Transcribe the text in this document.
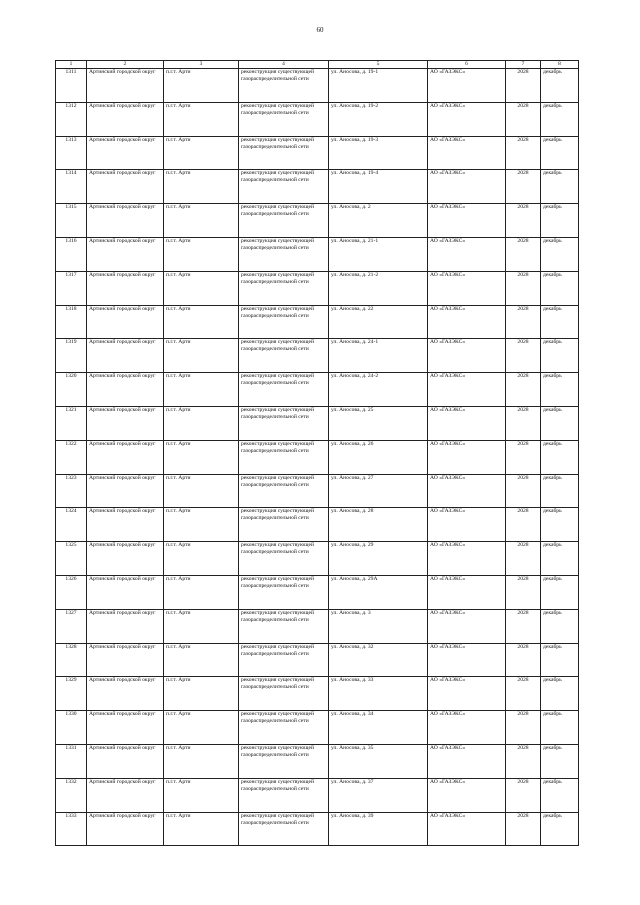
60
1	2	3	4	5	6	7	8
1311	Артинский городской округ	п.г.т. Арти	реконструкция существующей газораспределительной сети	ул. Аносова, д. 19-1	АО «ГАЗЭКС»	2028	декабрь
1312	Артинский городской округ	п.г.т. Арти	реконструкция существующей газораспределительной сети	ул. Аносова, д. 19-2	АО «ГАЗЭКС»	2028	декабрь
1313	Артинский городской округ	п.г.т. Арти	реконструкция существующей газораспределительной сети	ул. Аносова, д. 19-3	АО «ГАЗЭКС»	2028	декабрь
1314	Артинский городской округ	п.г.т. Арти	реконструкция существующей газораспределительной сети	ул. Аносова, д. 19-4	АО «ГАЗЭКС»	2028	декабрь
1315	Артинский городской округ	п.г.т. Арти	реконструкция существующей газораспределительной сети	ул. Аносова, д. 2	АО «ГАЗЭКС»	2028	декабрь
1316	Артинский городской округ	п.г.т. Арти	реконструкция существующей газораспределительной сети	ул. Аносова, д. 21-1	АО «ГАЗЭКС»	2028	декабрь
1317	Артинский городской округ	п.г.т. Арти	реконструкция существующей газораспределительной сети	ул. Аносова, д. 21-2	АО «ГАЗЭКС»	2028	декабрь
1318	Артинский городской округ	п.г.т. Арти	реконструкция существующей газораспределительной сети	ул. Аносова, д. 22	АО «ГАЗЭКС»	2028	декабрь
1319	Артинский городской округ	п.г.т. Арти	реконструкция существующей газораспределительной сети	ул. Аносова, д. 24-1	АО «ГАЗЭКС»	2028	декабрь
1320	Артинский городской округ	п.г.т. Арти	реконструкция существующей газораспределительной сети	ул. Аносова, д. 24-2	АО «ГАЗЭКС»	2028	декабрь
1321	Артинский городской округ	п.г.т. Арти	реконструкция существующей газораспределительной сети	ул. Аносова, д. 25	АО «ГАЗЭКС»	2028	декабрь
1322	Артинский городской округ	п.г.т. Арти	реконструкция существующей газораспределительной сети	ул. Аносова, д. 26	АО «ГАЗЭКС»	2028	декабрь
1323	Артинский городской округ	п.г.т. Арти	реконструкция существующей газораспределительной сети	ул. Аносова, д. 27	АО «ГАЗЭКС»	2028	декабрь
1324	Артинский городской округ	п.г.т. Арти	реконструкция существующей газораспределительной сети	ул. Аносова, д. 28	АО «ГАЗЭКС»	2028	декабрь
1325	Артинский городской округ	п.г.т. Арти	реконструкция существующей газораспределительной сети	ул. Аносова, д. 29	АО «ГАЗЭКС»	2028	декабрь
1326	Артинский городской округ	п.г.т. Арти	реконструкция существующей газораспределительной сети	ул. Аносова, д. 29А	АО «ГАЗЭКС»	2028	декабрь
1327	Артинский городской округ	п.г.т. Арти	реконструкция существующей газораспределительной сети	ул. Аносова, д. 3	АО «ГАЗЭКС»	2028	декабрь
1328	Артинский городской округ	п.г.т. Арти	реконструкция существующей газораспределительной сети	ул. Аносова, д. 32	АО «ГАЗЭКС»	2028	декабрь
1329	Артинский городской округ	п.г.т. Арти	реконструкция существующей газораспределительной сети	ул. Аносова, д. 33	АО «ГАЗЭКС»	2028	декабрь
1330	Артинский городской округ	п.г.т. Арти	реконструкция существующей газораспределительной сети	ул. Аносова, д. 34	АО «ГАЗЭКС»	2028	декабрь
1331	Артинский городской округ	п.г.т. Арти	реконструкция существующей газораспределительной сети	ул. Аносова, д. 35	АО «ГАЗЭКС»	2028	декабрь
1332	Артинский городской округ	п.г.т. Арти	реконструкция существующей газораспределительной сети	ул. Аносова, д. 37	АО «ГАЗЭКС»	2028	декабрь
1333	Артинский городской округ	п.г.т. Арти	реконструкция существующей газораспределительной сети	ул. Аносова, д. 39	АО «ГАЗЭКС»	2028	декабрь
